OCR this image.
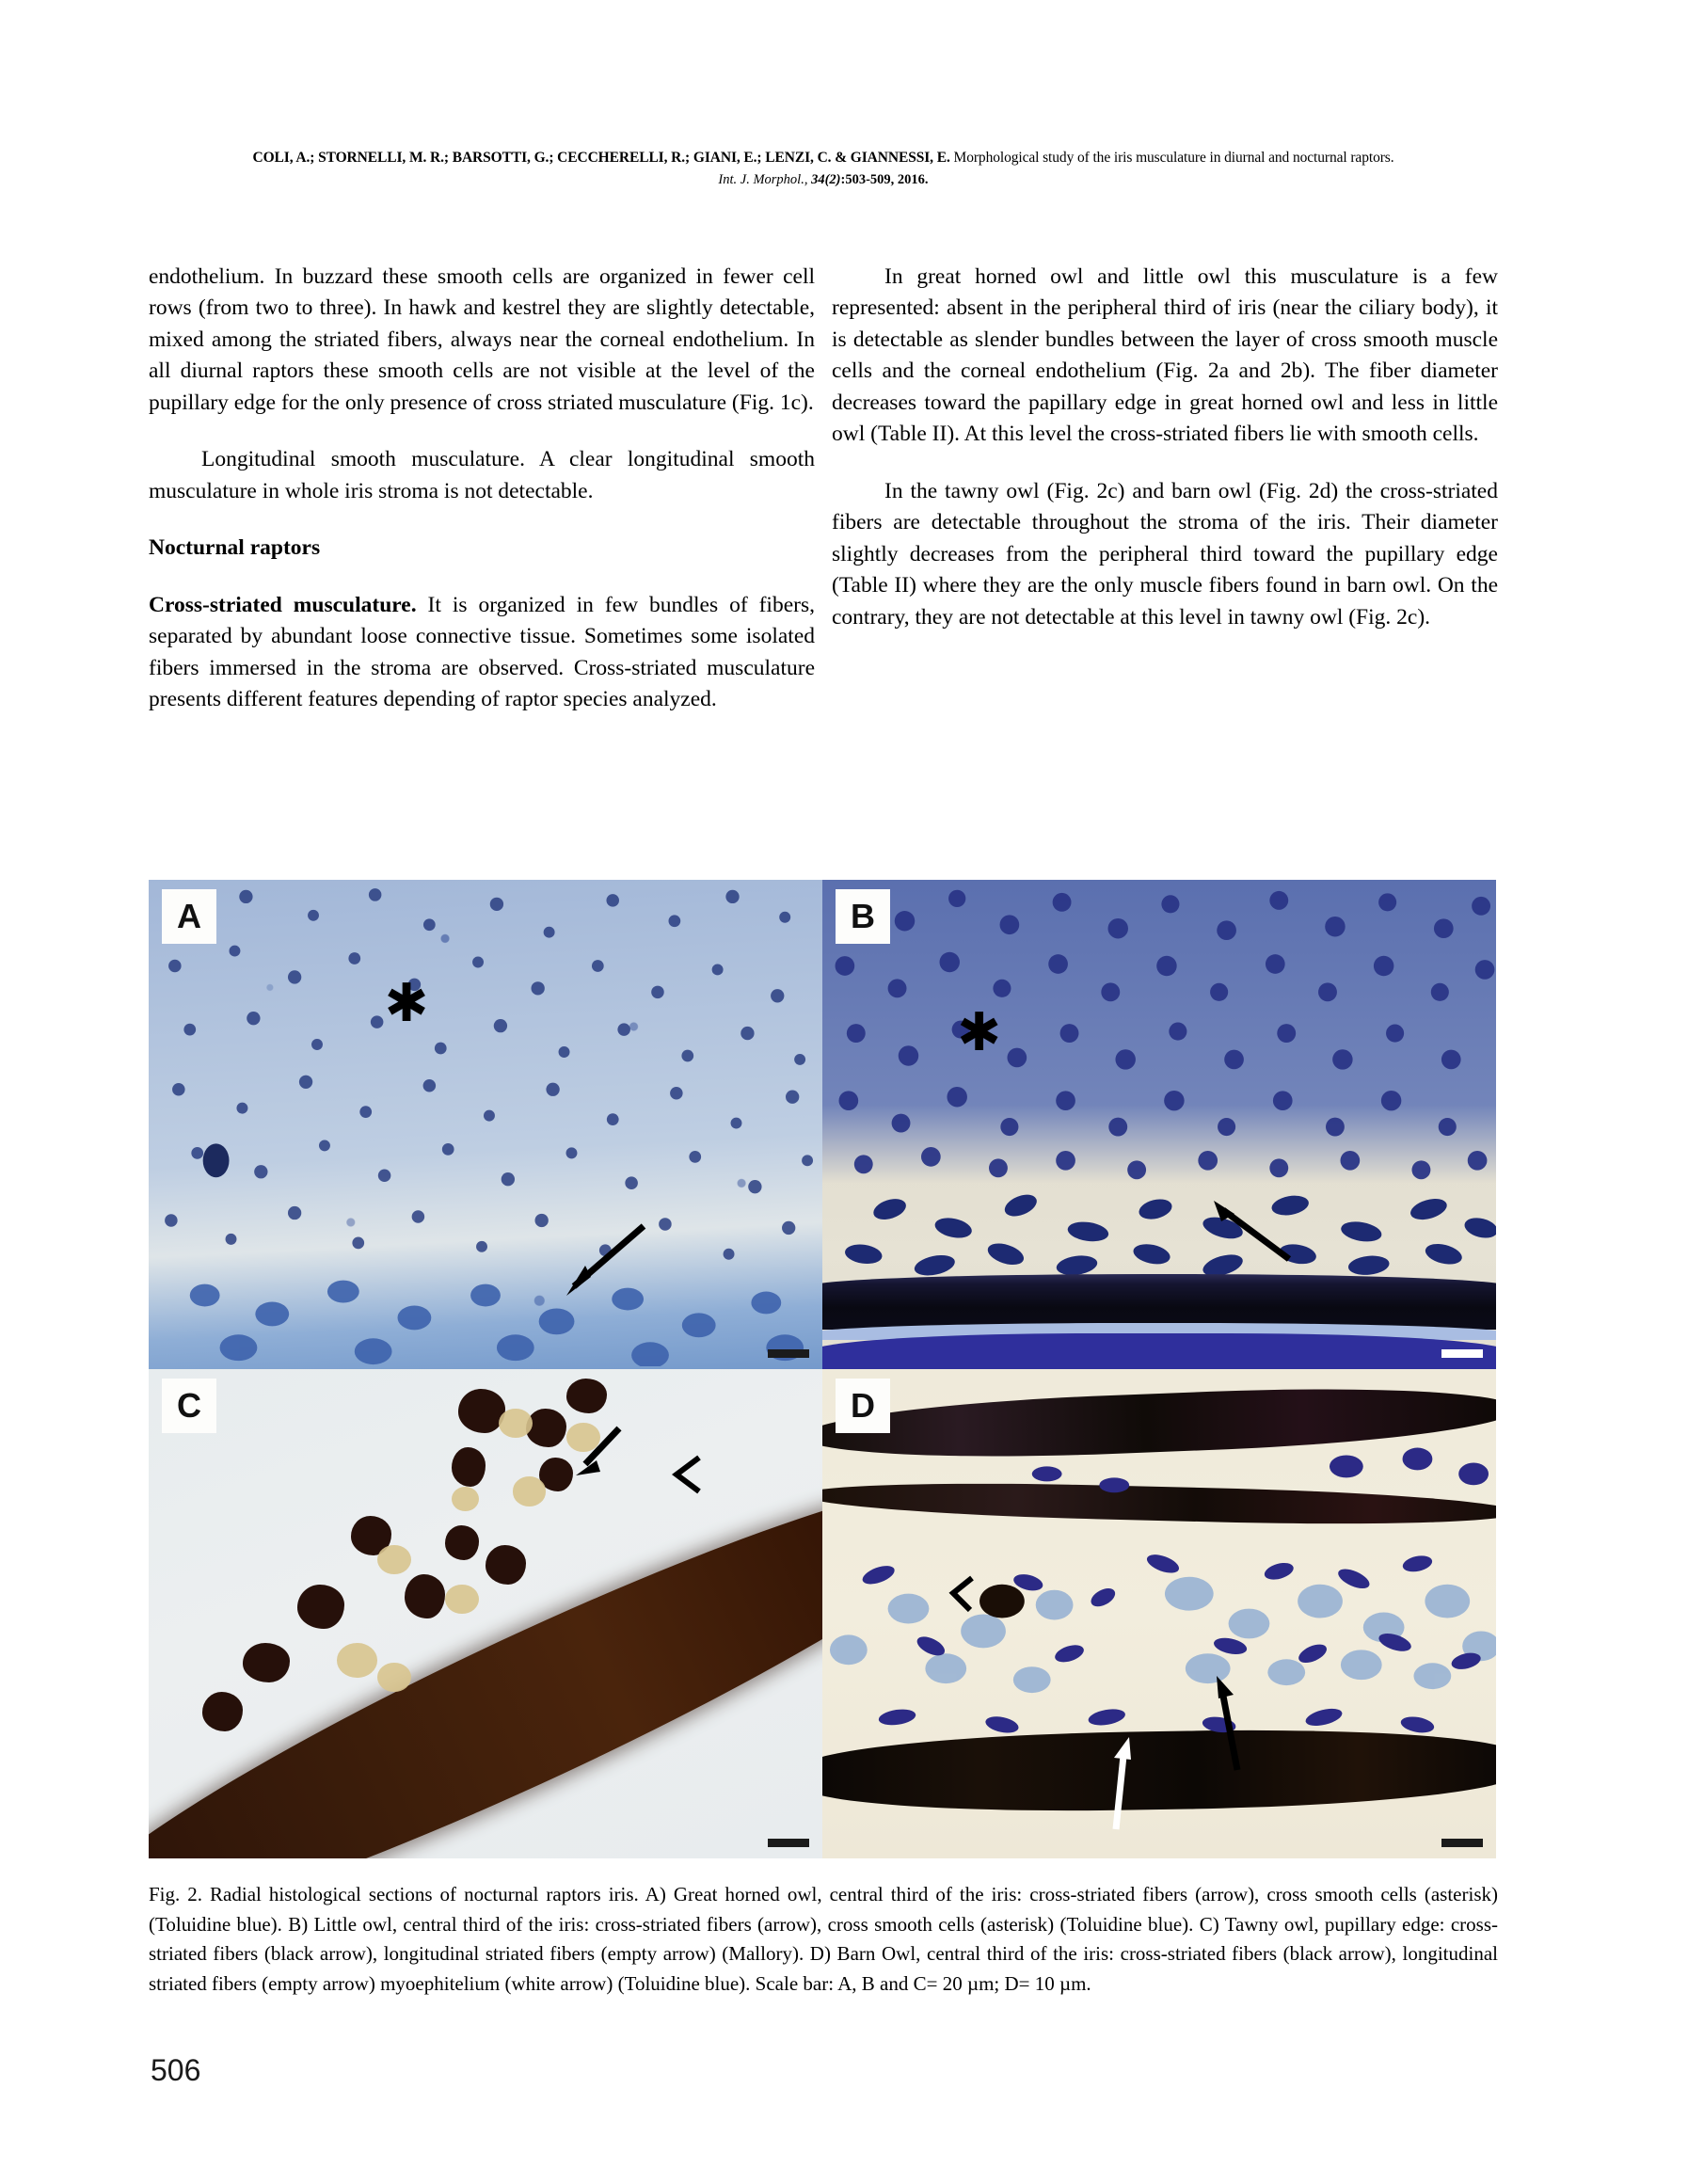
COLI, A.; STORNELLI, M. R.; BARSOTTI, G.; CECCHERELLI, R.; GIANI, E.; LENZI, C. & GIANNESSI, E. Morphological study of the iris musculature in diurnal and nocturnal raptors.
Int. J. Morphol., 34(2):503-509, 2016.

endothelium. In buzzard these smooth cells are organized in fewer cell rows (from two to three). In hawk and kestrel they are slightly detectable, mixed among the striated fibers, always near the corneal endothelium. In all diurnal raptors these smooth cells are not visible at the level of the pupillary edge for the only presence of cross striated musculature (Fig. 1c).

Longitudinal smooth musculature. A clear longitudinal smooth musculature in whole iris stroma is not detectable.

Nocturnal raptors

Cross-striated musculature. It is organized in few bundles of fibers, separated by abundant loose connective tissue. Sometimes some isolated fibers immersed in the stroma are observed. Cross-striated musculature presents different features depending of raptor species analyzed.

In great horned owl and little owl this musculature is a few represented: absent in the peripheral third of iris (near the ciliary body), it is detectable as slender bundles between the layer of cross smooth muscle cells and the corneal endothelium (Fig. 2a and 2b). The fiber diameter decreases toward the papillary edge in great horned owl and less in little owl (Table II). At this level the cross-striated fibers lie with smooth cells.

In the tawny owl (Fig. 2c) and barn owl (Fig. 2d) the cross-striated fibers are detectable throughout the stroma of the iris. Their diameter slightly decreases from the peripheral third toward the pupillary edge (Table II) where they are the only muscle fibers found in barn owl. On the contrary, they are not detectable at this level in tawny owl (Fig. 2c).

A
✱
B
✱
C	D
Fig. 2. Radial histological sections of nocturnal raptors iris. A) Great horned owl, central third of the iris: cross-striated fibers (arrow), cross smooth cells (asterisk) (Toluidine blue). B) Little owl, central third of the iris: cross-striated fibers (arrow), cross smooth cells (asterisk) (Toluidine blue). C) Tawny owl, pupillary edge: cross-striated fibers (black arrow), longitudinal striated fibers (empty arrow) (Mallory). D) Barn Owl, central third of the iris: cross-striated fibers (black arrow), longitudinal striated fibers (empty arrow) myoephitelium (white arrow) (Toluidine blue). Scale bar: A, B and C= 20 µm; D= 10 µm.
506
